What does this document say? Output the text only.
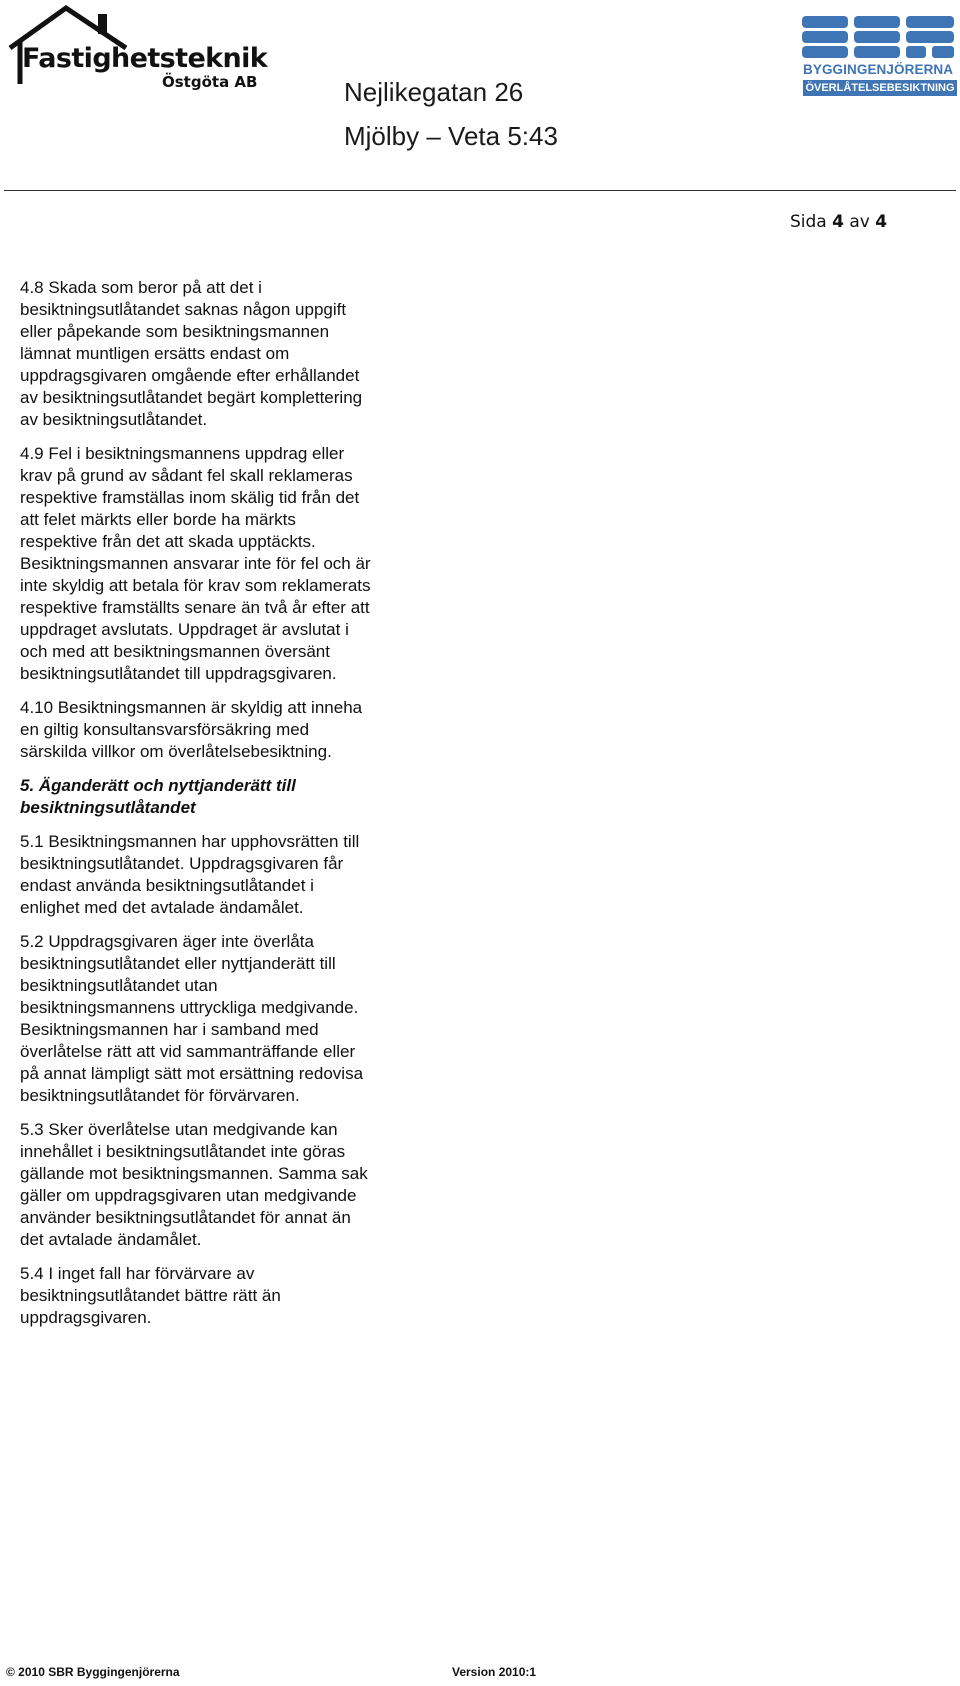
Fastighetsteknik
Östgöta AB	Nejlikegatan 26
Mjölby – Veta 5:43
BYGGINGENJÖRERNA
ÖVERLÅTELSEBESIKTNING
Sida 4 av 4
4.8 Skada som beror på att det i
besiktningsutlåtandet saknas någon uppgift
eller påpekande som besiktningsmannen
lämnat muntligen ersätts endast om
uppdragsgivaren omgående efter erhållandet
av besiktningsutlåtandet begärt komplettering
av besiktningsutlåtandet.
4.9 Fel i besiktningsmannens uppdrag eller
krav på grund av sådant fel skall reklameras
respektive framställas inom skälig tid från det
att felet märkts eller borde ha märkts
respektive från det att skada upptäckts.
Besiktningsmannen ansvarar inte för fel och är
inte skyldig att betala för krav som reklamerats
respektive framställts senare än två år efter att
uppdraget avslutats. Uppdraget är avslutat i
och med att besiktningsmannen översänt
besiktningsutlåtandet till uppdragsgivaren.
4.10 Besiktningsmannen är skyldig att inneha
en giltig konsultansvarsförsäkring med
särskilda villkor om överlåtelsebesiktning.
5. Äganderätt och nyttjanderätt till
besiktningsutlåtandet
5.1 Besiktningsmannen har upphovsrätten till
besiktningsutlåtandet. Uppdragsgivaren får
endast använda besiktningsutlåtandet i
enlighet med det avtalade ändamålet.
5.2 Uppdragsgivaren äger inte överlåta
besiktningsutlåtandet eller nyttjanderätt till
besiktningsutlåtandet utan
besiktningsmannens uttryckliga medgivande.
Besiktningsmannen har i samband med
överlåtelse rätt att vid sammanträffande eller
på annat lämpligt sätt mot ersättning redovisa
besiktningsutlåtandet för förvärvaren.
5.3 Sker överlåtelse utan medgivande kan
innehållet i besiktningsutlåtandet inte göras
gällande mot besiktningsmannen. Samma sak
gäller om uppdragsgivaren utan medgivande
använder besiktningsutlåtandet för annat än
det avtalade ändamålet.
5.4 I inget fall har förvärvare av
besiktningsutlåtandet bättre rätt än
uppdragsgivaren.
© 2010 SBR Byggingenjörerna	Version 2010:1
